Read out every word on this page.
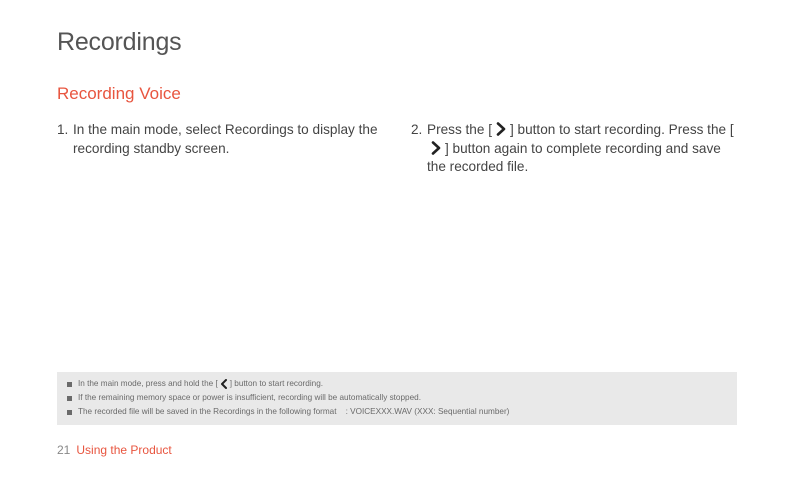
Recordings
Recording Voice
1. In the main mode, select Recordings to display the recording standby screen.
2. Press the [ ] button to start recording. Press the [
] button again to complete recording and save the recorded file.
In the main mode, press and hold the [ ] button to start recording.
If the remaining memory space or power is insufficient, recording will be automatically stopped.
The recorded file will be saved in the Recordings in the following format    : VOICEXXX.WAV (XXX: Sequential number)
21 Using the Product
